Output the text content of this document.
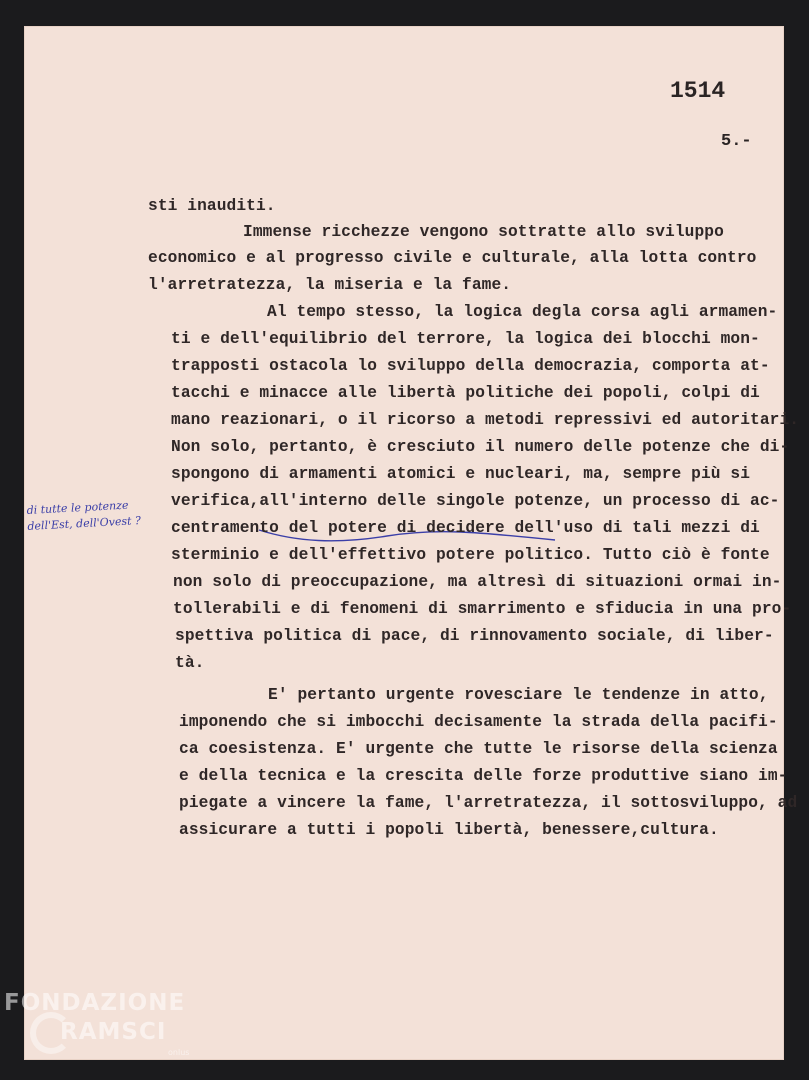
1514
5.-
di tutte le potenze
dell'Est, dell'Ovest ?
sti inauditi.
Immense ricchezze vengono sottratte allo sviluppo
economico e al progresso civile e culturale, alla lotta contro
l'arretratezza, la miseria e la fame.
Al tempo stesso, la logica degla corsa agli armamen-
ti e dell'equilibrio del terrore, la logica dei blocchi mon-
trapposti ostacola lo sviluppo della democrazia, comporta at-
tacchi e minacce alle libertà politiche dei popoli, colpi di
mano reazionari, o il ricorso a metodi repressivi ed autoritari.
Non solo, pertanto, è cresciuto il numero delle potenze che di-
spongono di armamenti atomici e nucleari, ma, sempre più si
verifica,all'interno delle singole potenze, un processo di ac-
centramento del potere di decidere dell'uso di tali mezzi di
sterminio e dell'effettivo potere politico. Tutto ciò è fonte
non solo di preoccupazione, ma altresì di situazioni ormai in-
tollerabili e di fenomeni di smarrimento e sfiducia in una pro-
spettiva politica di pace, di rinnovamento sociale, di liber-
tà.
E' pertanto urgente rovesciare le tendenze in atto,
imponendo che si imbocchi decisamente la strada della pacifi-
ca coesistenza. E' urgente che tutte le risorse della scienza
e della tecnica e la crescita delle forze produttive siano im-
piegate a vincere la fame, l'arretratezza, il sottosviluppo, ad
assicurare a tutti i popoli libertà, benessere,cultura.
FONDAZIONE
RAMSCI
onlus
